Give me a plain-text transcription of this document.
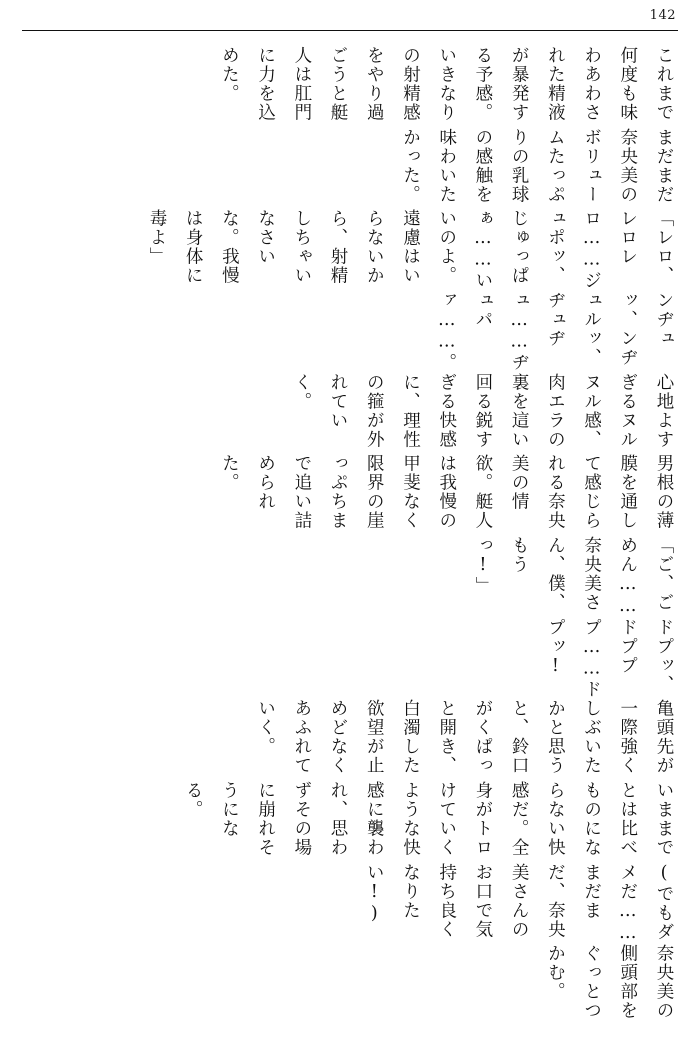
142
これまで何度も味わあわされた精液が暴発する予感。いきなりの射精感をやり過ごうと艇人は肛門に力を込めた。
まだまだ奈央美のボリュームたっぷりの乳球の感触を味わいたかった。
「レロ、レロレロ……ジュポッ、じゅっぱぁ……いいのよ。遠慮はいらないから、射精しちゃいなさいな。我慢は身体に毒よ」
ンヂュッ、ンヂュルッ、ヂュヂュ……ヂュパァ……。
心地よすぎるヌルヌル感、肉エラの裏を這い回る鋭すぎる快感に、理性の箍が外れていく。
男根の薄膜を通して感じられる奈央美の情欲。艇人は我慢の甲斐なく限界の崖っぷちまで追い詰められた。
「ご、ごめん……奈央美さん、僕、もうっ!」
ドプッ、ドプププ……ドプッ!
亀頭先が一際強くしぶいたかと思うと、鈴口がくぱっと開き、白濁した欲望が止めどなくあふれていく。
いままでとは比べものにならない快感だ。全身がトロけていくような快感に襲われ、思わずその場に崩れそうになる。
(でもダメだ……まだまだ、奈央美さんのお口で気持ち良くなりたい!)
奈央美の側頭部をぐっとつかむ。
